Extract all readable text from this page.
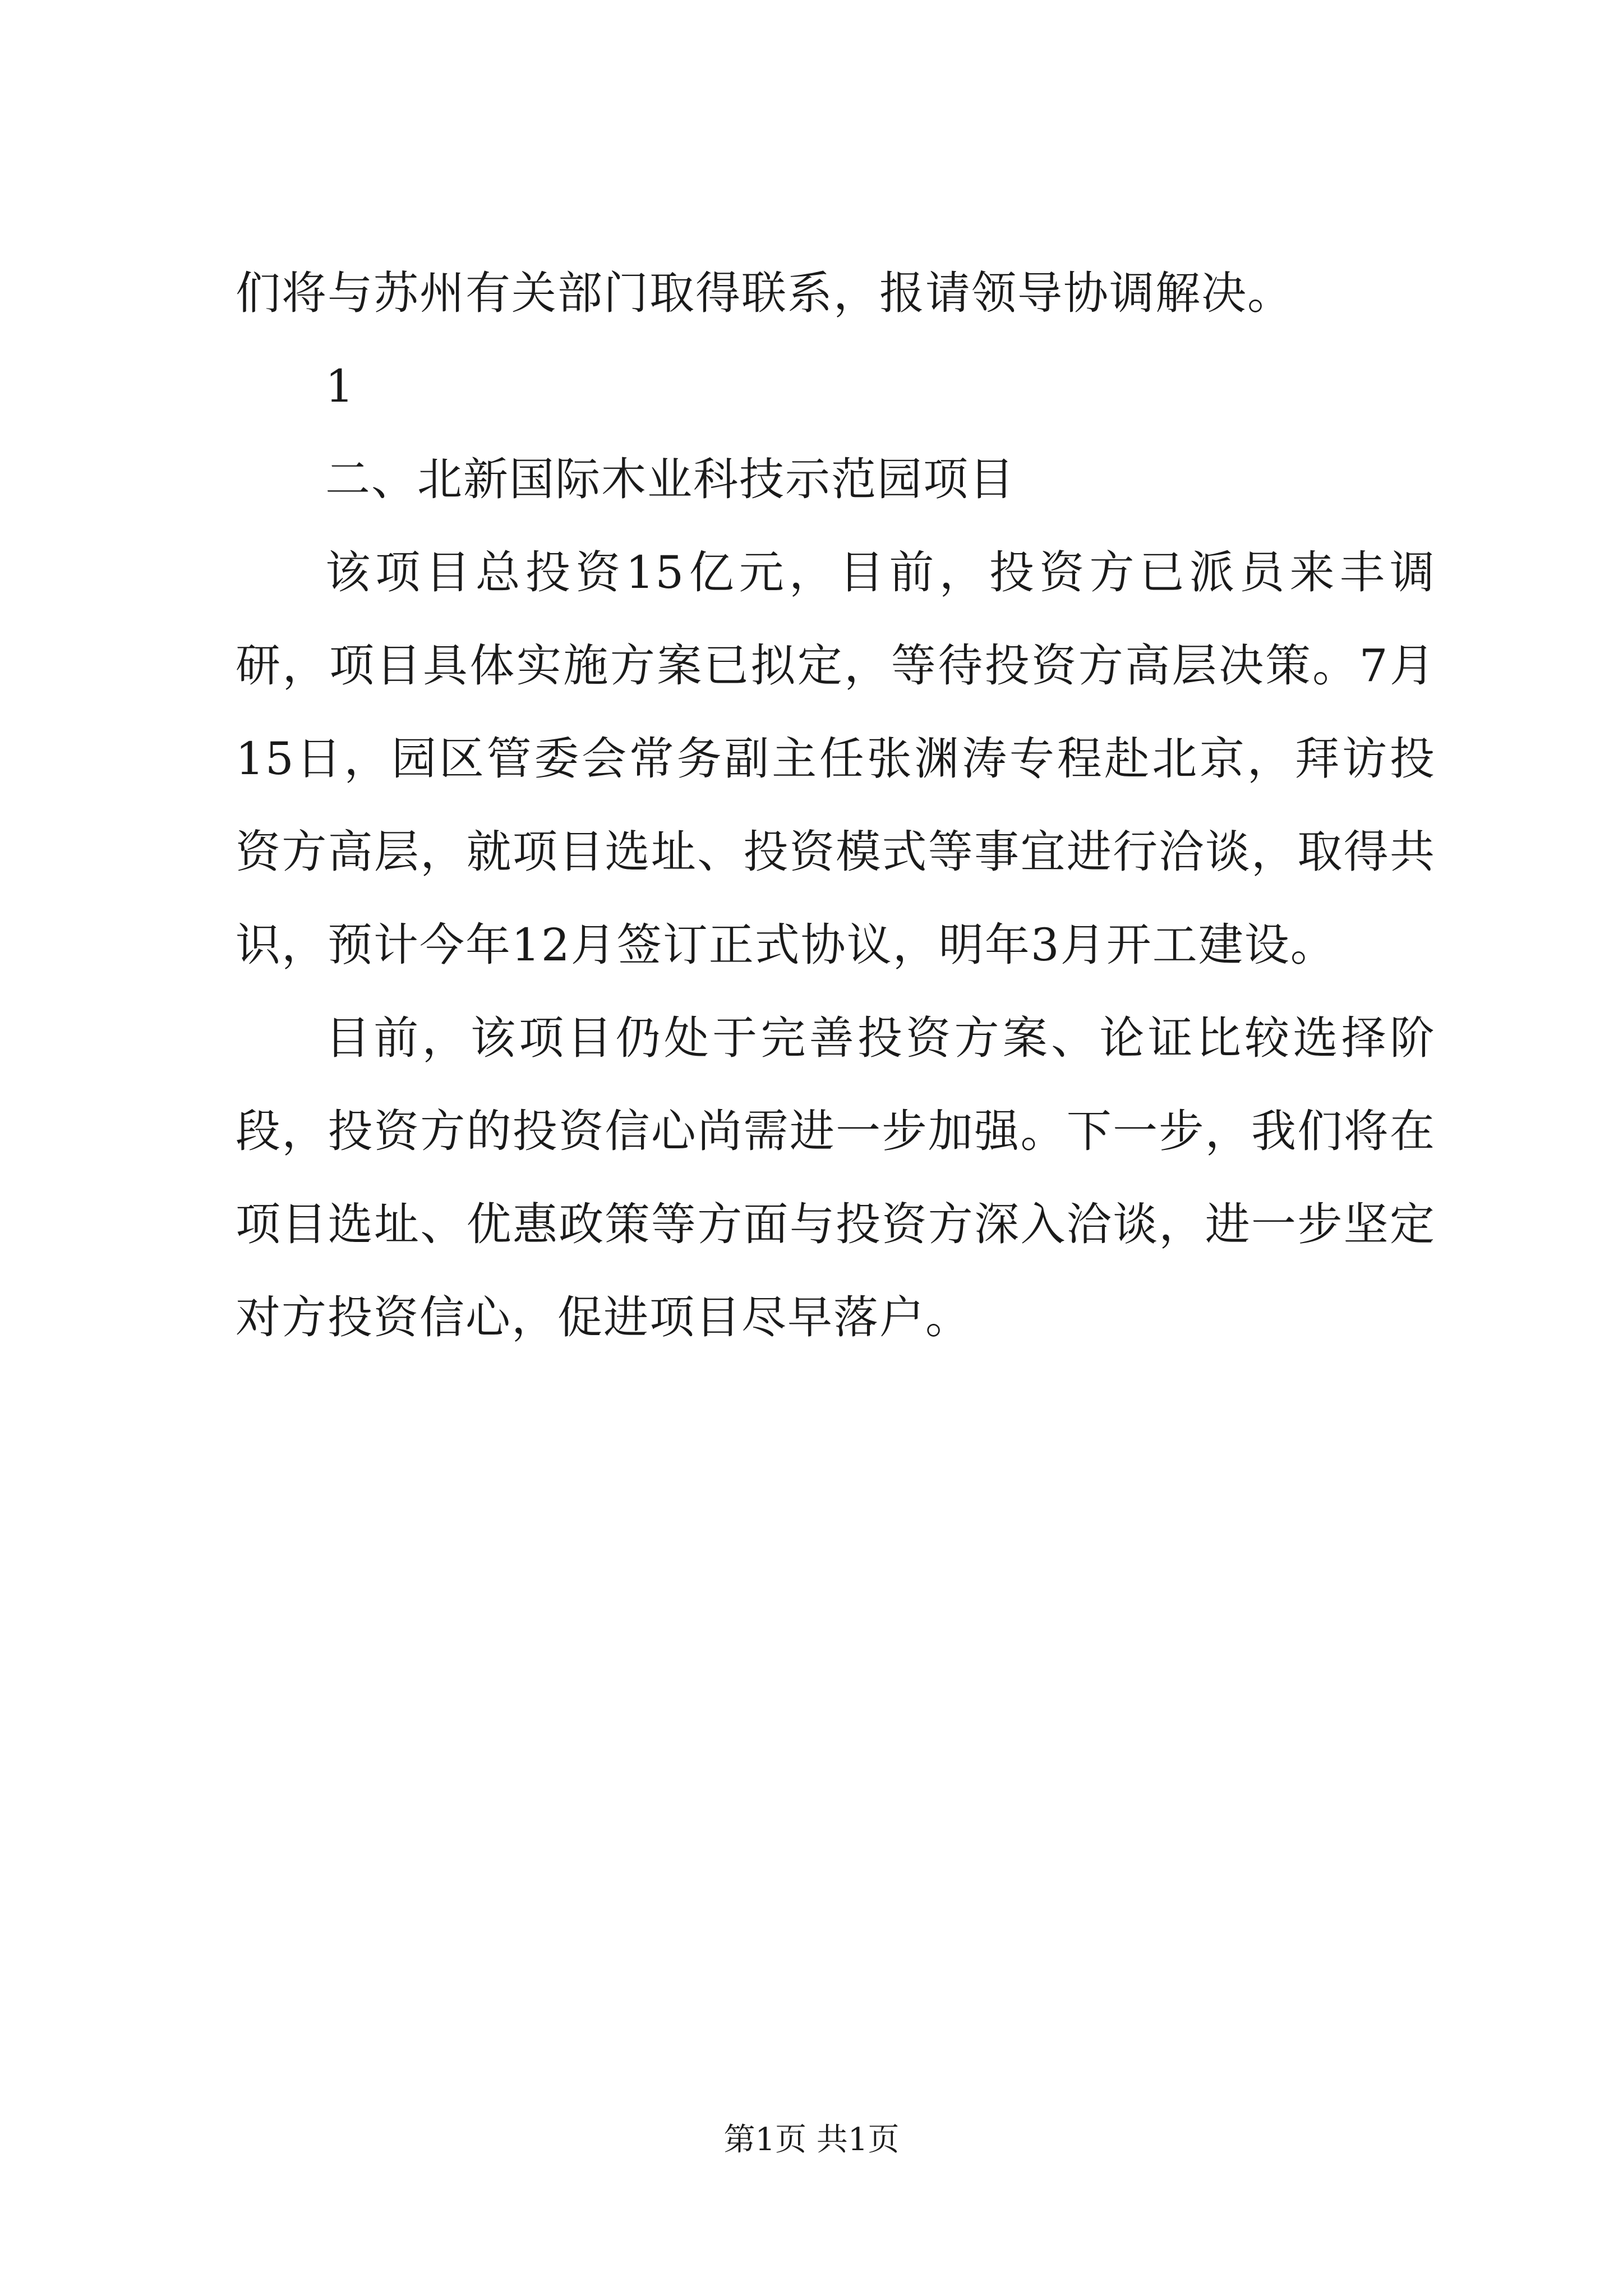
们将与苏州有关部门取得联系，报请领导协调解决。
1
二、北新国际木业科技示范园项目

该项目总投资15亿元，目前，投资方已派员来丰调研，项目具体实施方案已拟定，等待投资方高层决策。7月15日，园区管委会常务副主任张渊涛专程赴北京，拜访投资方高层，就项目选址、投资模式等事宜进行洽谈，取得共识，预计今年12月签订正式协议，明年3月开工建设。

目前，该项目仍处于完善投资方案、论证比较选择阶段，投资方的投资信心尚需进一步加强。下一步，我们将在项目选址、优惠政策等方面与投资方深入洽谈，进一步坚定对方投资信心，促进项目尽早落户。

第1页 共1页
